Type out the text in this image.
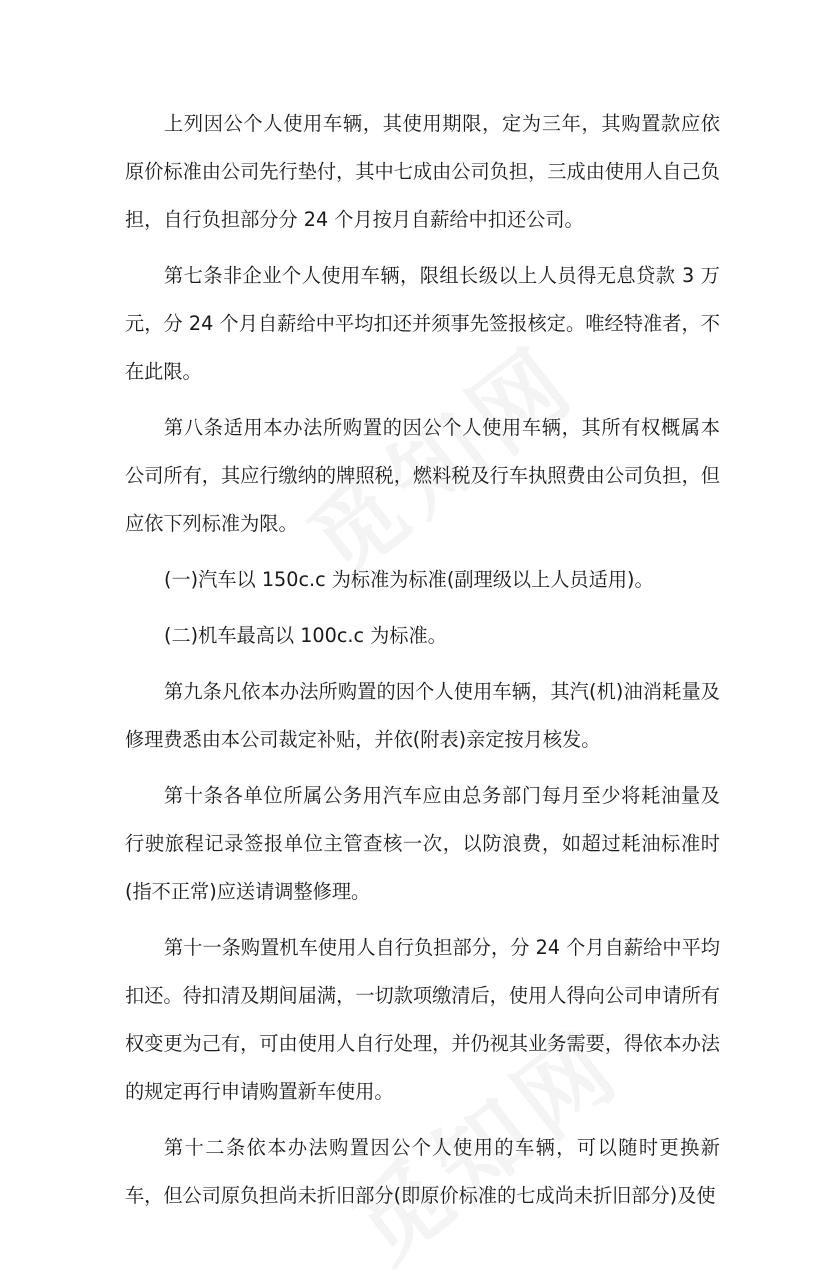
上列因公个人使用车辆，其使用期限，定为三年，其购置款应依原价标准由公司先行垫付，其中七成由公司负担，三成由使用人自己负担，自行负担部分分 24 个月按月自薪给中扣还公司。

第七条非企业个人使用车辆，限组长级以上人员得无息贷款 3 万元，分 24 个月自薪给中平均扣还并须事先签报核定。唯经特准者，不在此限。

第八条适用本办法所购置的因公个人使用车辆，其所有权概属本公司所有，其应行缴纳的牌照税，燃料税及行车执照费由公司负担，但应依下列标准为限。

(一)汽车以 150c.c 为标准为标准(副理级以上人员适用)。

(二)机车最高以 100c.c 为标准。

第九条凡依本办法所购置的因个人使用车辆，其汽(机)油消耗量及修理费悉由本公司裁定补贴，并依(附表)亲定按月核发。

第十条各单位所属公务用汽车应由总务部门每月至少将耗油量及行驶旅程记录签报单位主管查核一次，以防浪费，如超过耗油标准时(指不正常)应送请调整修理。

第十一条购置机车使用人自行负担部分，分 24 个月自薪给中平均扣还。待扣清及期间届满，一切款项缴清后，使用人得向公司申请所有权变更为己有，可由使用人自行处理，并仍视其业务需要，得依本办法的规定再行申请购置新车使用。

第十二条依本办法购置因公个人使用的车辆，可以随时更换新车，但公司原负担尚未折旧部分(即原价标准的七成尚未折旧部分)及使
